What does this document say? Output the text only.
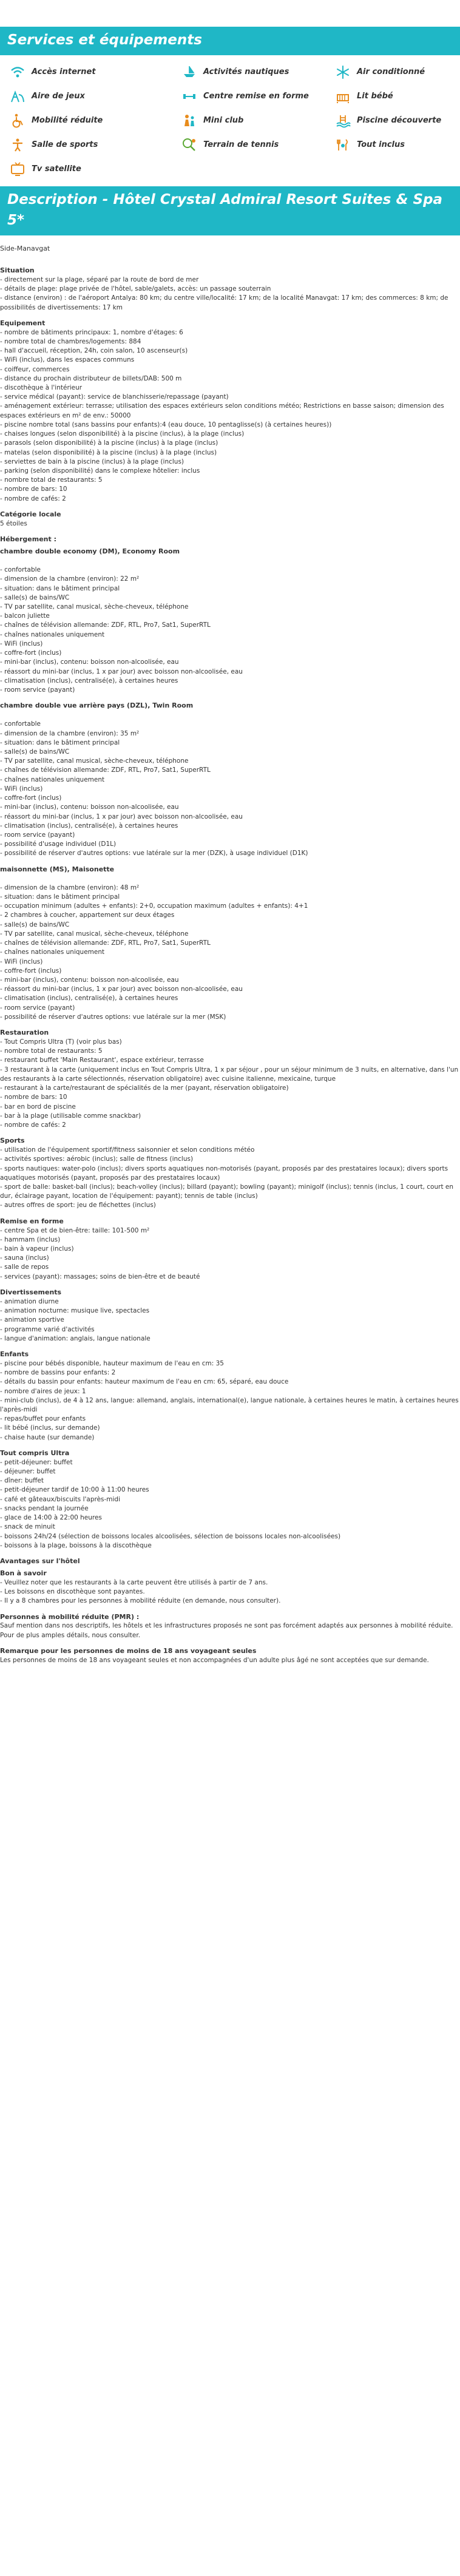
Services et équipements
Accès internet	Activités nautiques	Air conditionné
Aire de jeux	Centre remise en forme	Lit bébé
Mobilité réduite	Mini club	Piscine découverte
Salle de sports	Terrain de tennis	Tout inclus
Tv satellite
Description - Hôtel Crystal Admiral Resort Suites & Spa 5*
Side-Manavgat
Situation
- directement sur la plage, séparé par la route de bord de mer
- détails de plage: plage privée de l'hôtel, sable/galets, accès: un passage souterrain
- distance (environ) : de l'aéroport Antalya: 80 km; du centre ville/localité: 17 km; de la localité Manavgat: 17 km; des commerces: 8 km; de possibilités de divertissements: 17 km
Equipement
- nombre de bâtiments principaux: 1, nombre d'étages: 6
- nombre total de chambres/logements: 884
- hall d'accueil, réception, 24h, coin salon, 10 ascenseur(s)
- WiFi (inclus), dans les espaces communs
- coiffeur, commerces
- distance du prochain distributeur de billets/DAB: 500 m
- discothèque à l'intérieur
- service médical (payant): service de blanchisserie/repassage (payant)
- aménagement extérieur: terrasse; utilisation des espaces extérieurs selon conditions météo; Restrictions en basse saison; dimension des espaces extérieurs en m² de env.: 50000
- piscine nombre total (sans bassins pour enfants):4 (eau douce, 10 pentaglisse(s) (à certaines heures))
- chaises longues (selon disponibilité) à la piscine (inclus), à la plage (inclus)
- parasols (selon disponibilité) à la piscine (inclus) à la plage (inclus)
- matelas (selon disponibilité) à la piscine (inclus) à la plage (inclus)
- serviettes de bain à la piscine (inclus) à la plage (inclus)
- parking (selon disponibilité) dans le complexe hôtelier: inclus
- nombre total de restaurants: 5
- nombre de bars: 10
- nombre de cafés: 2
Catégorie locale
5 étoiles
Hébergement :
chambre double economy (DM), Economy Room

- confortable
- dimension de la chambre (environ): 22 m²
- situation: dans le bâtiment principal
- salle(s) de bains/WC
- TV par satellite, canal musical, sèche-cheveux, téléphone
- balcon juliette
- chaînes de télévision allemande: ZDF, RTL, Pro7, Sat1, SuperRTL
- chaînes nationales uniquement
- WiFi (inclus)
- coffre-fort (inclus)
- mini-bar (inclus), contenu: boisson non-alcoolisée, eau
- réassort du mini-bar (inclus, 1 x par jour) avec boisson non-alcoolisée, eau
- climatisation (inclus), centralisé(e), à certaines heures
- room service (payant)
chambre double vue arrière pays (DZL), Twin Room

- confortable
- dimension de la chambre (environ): 35 m²
- situation: dans le bâtiment principal
- salle(s) de bains/WC
- TV par satellite, canal musical, sèche-cheveux, téléphone
- chaînes de télévision allemande: ZDF, RTL, Pro7, Sat1, SuperRTL
- chaînes nationales uniquement
- WiFi (inclus)
- coffre-fort (inclus)
- mini-bar (inclus), contenu: boisson non-alcoolisée, eau
- réassort du mini-bar (inclus, 1 x par jour) avec boisson non-alcoolisée, eau
- climatisation (inclus), centralisé(e), à certaines heures
- room service (payant)
- possibilité d'usage individuel (D1L)
- possibilité de réserver d'autres options: vue latérale sur la mer (DZK), à usage individuel (D1K)
maisonnette (MS), Maisonette

- dimension de la chambre (environ): 48 m²
- situation: dans le bâtiment principal
- occupation minimum (adultes + enfants): 2+0, occupation maximum (adultes + enfants): 4+1
- 2 chambres à coucher, appartement sur deux étages
- salle(s) de bains/WC
- TV par satellite, canal musical, sèche-cheveux, téléphone
- chaînes de télévision allemande: ZDF, RTL, Pro7, Sat1, SuperRTL
- chaînes nationales uniquement
- WiFi (inclus)
- coffre-fort (inclus)
- mini-bar (inclus), contenu: boisson non-alcoolisée, eau
- réassort du mini-bar (inclus, 1 x par jour) avec boisson non-alcoolisée, eau
- climatisation (inclus), centralisé(e), à certaines heures
- room service (payant)
- possibilité de réserver d'autres options: vue latérale sur la mer (MSK)
Restauration
- Tout Compris Ultra (T) (voir plus bas)
- nombre total de restaurants: 5
- restaurant buffet 'Main Restaurant', espace extérieur, terrasse
- 3 restaurant à la carte (uniquement inclus en Tout Compris Ultra, 1 x par séjour , pour un séjour minimum de 3 nuits, en alternative, dans l'un des restaurants à la carte sélectionnés, réservation obligatoire) avec cuisine italienne, mexicaine, turque
- restaurant à la carte/restaurant de spécialités de la mer (payant, réservation obligatoire)
- nombre de bars: 10
- bar en bord de piscine
- bar à la plage (utilisable comme snackbar)
- nombre de cafés: 2
Sports
- utilisation de l'équipement sportif/fitness saisonnier et selon conditions météo
- activités sportives: aérobic (inclus); salle de fitness (inclus)
- sports nautiques: water-polo (inclus); divers sports aquatiques non-motorisés (payant, proposés par des prestataires locaux); divers sports aquatiques motorisés (payant, proposés par des prestataires locaux)
- sport de balle: basket-ball (inclus); beach-volley (inclus); billard (payant); bowling (payant); minigolf (inclus); tennis (inclus, 1 court, court en dur, éclairage payant, location de l'équipement: payant); tennis de table (inclus)
- autres offres de sport: jeu de fléchettes (inclus)
Remise en forme
- centre Spa et de bien-être: taille: 101-500 m²
- hammam (inclus)
- bain à vapeur (inclus)
- sauna (inclus)
- salle de repos
- services (payant): massages; soins de bien-être et de beauté
Divertissements
- animation diurne
- animation nocturne: musique live, spectacles
- animation sportive
- programme varié d'activités
- langue d'animation: anglais, langue nationale
Enfants
- piscine pour bébés disponible, hauteur maximum de l'eau en cm: 35
- nombre de bassins pour enfants: 2
- détails du bassin pour enfants: hauteur maximum de l'eau en cm: 65, séparé, eau douce
- nombre d'aires de jeux: 1
- mini-club (inclus), de 4 à 12 ans, langue: allemand, anglais, international(e), langue nationale, à certaines heures le matin, à certaines heures l'après-midi
- repas/buffet pour enfants
- lit bébé (inclus, sur demande)
- chaise haute (sur demande)
Tout compris Ultra
- petit-déjeuner: buffet
- déjeuner: buffet
- dîner: buffet
- petit-déjeuner tardif de 10:00 à 11:00 heures
- café et gâteaux/biscuits l'après-midi
- snacks pendant la journée
- glace de 14:00 à 22:00 heures
- snack de minuit
- boissons 24h/24 (sélection de boissons locales alcoolisées, sélection de boissons locales non-alcoolisées)
- boissons à la plage, boissons à la discothèque
Avantages sur l'hôtel
Bon à savoir
- Veuillez noter que les restaurants à la carte peuvent être utilisés à partir de 7 ans.
- Les boissons en discothèque sont payantes.
- Il y a 8 chambres pour les personnes à mobilité réduite (en demande, nous consulter).
Personnes à mobilité réduite (PMR) :
Sauf mention dans nos descriptifs, les hôtels et les infrastructures proposés ne sont pas forcément adaptés aux personnes à mobilité réduite. Pour de plus amples détails, nous consulter.
Remarque pour les personnes de moins de 18 ans voyageant seules
Les personnes de moins de 18 ans voyageant seules et non accompagnées d'un adulte plus âgé ne sont acceptées que sur demande.
